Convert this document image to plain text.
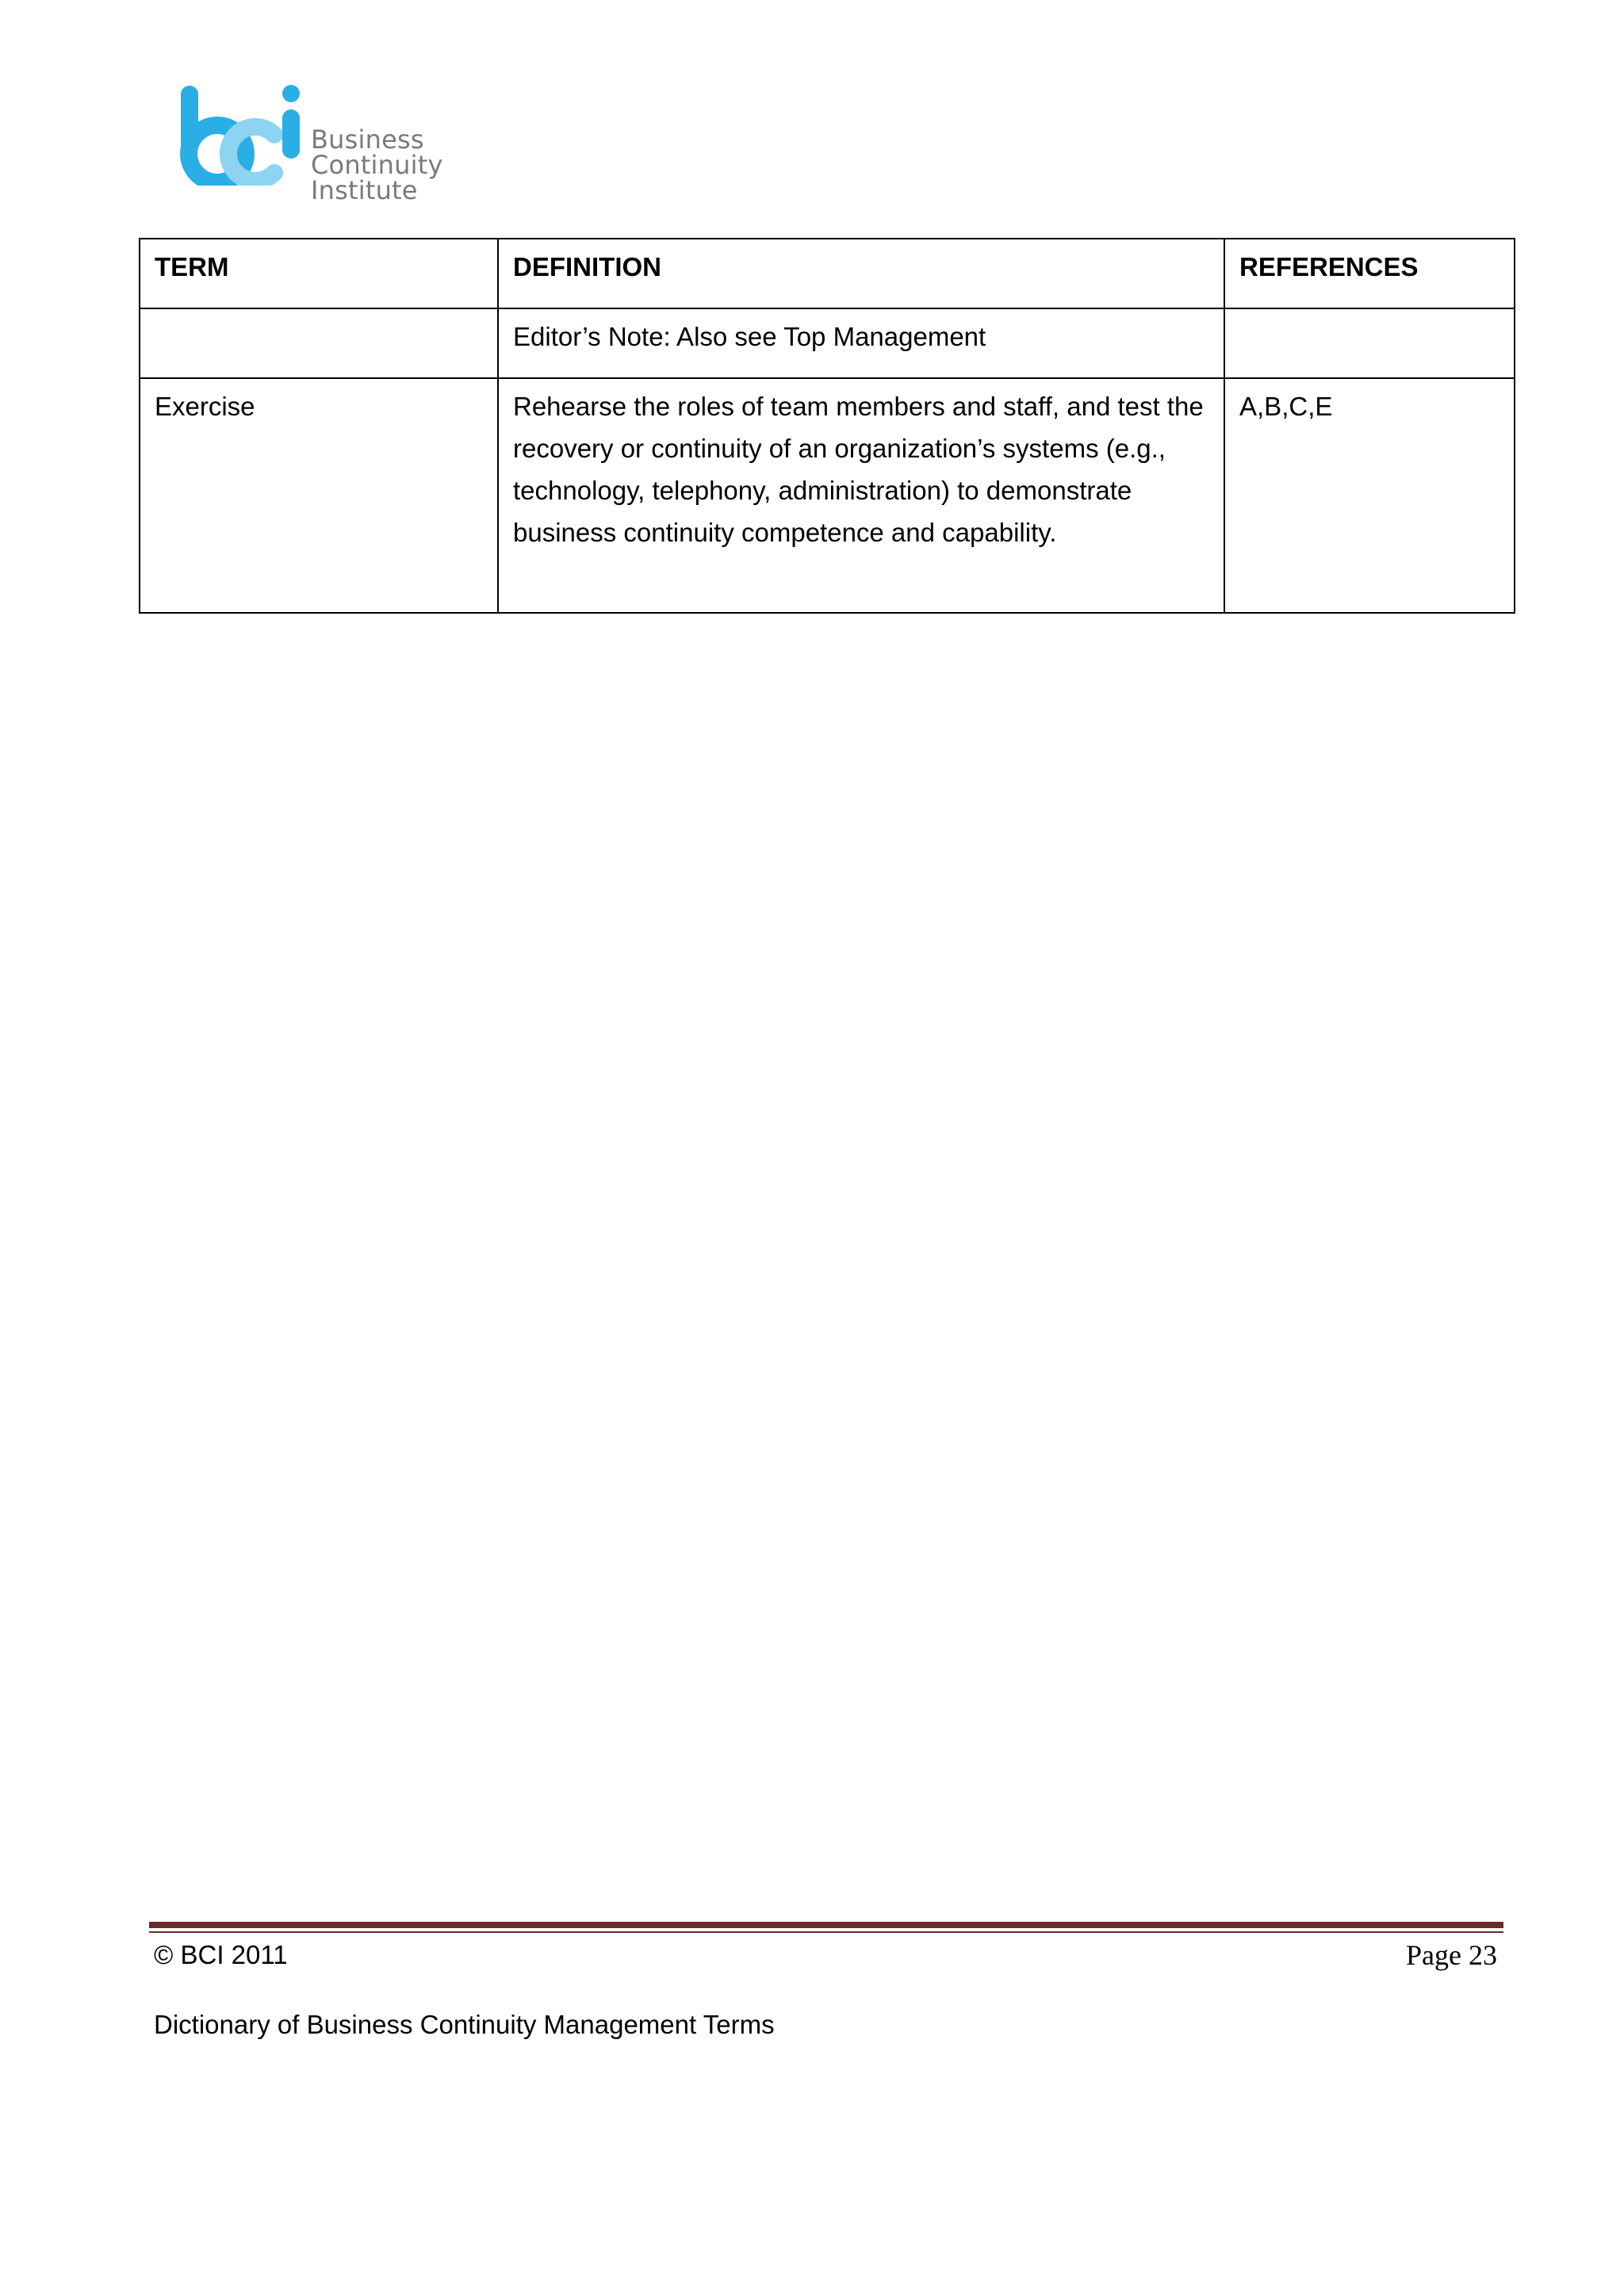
Business Continuity
Institute
TERM	DEFINITION	REFERENCES
	Editor’s Note: Also see Top Management	
Exercise	Rehearse the roles of team members and staff, and test the recovery or continuity of an organization’s systems (e.g., technology, telephony, administration) to demonstrate business continuity competence and capability.	A,B,C,E
© BCI 2011	Page 23
Dictionary of Business Continuity Management Terms
